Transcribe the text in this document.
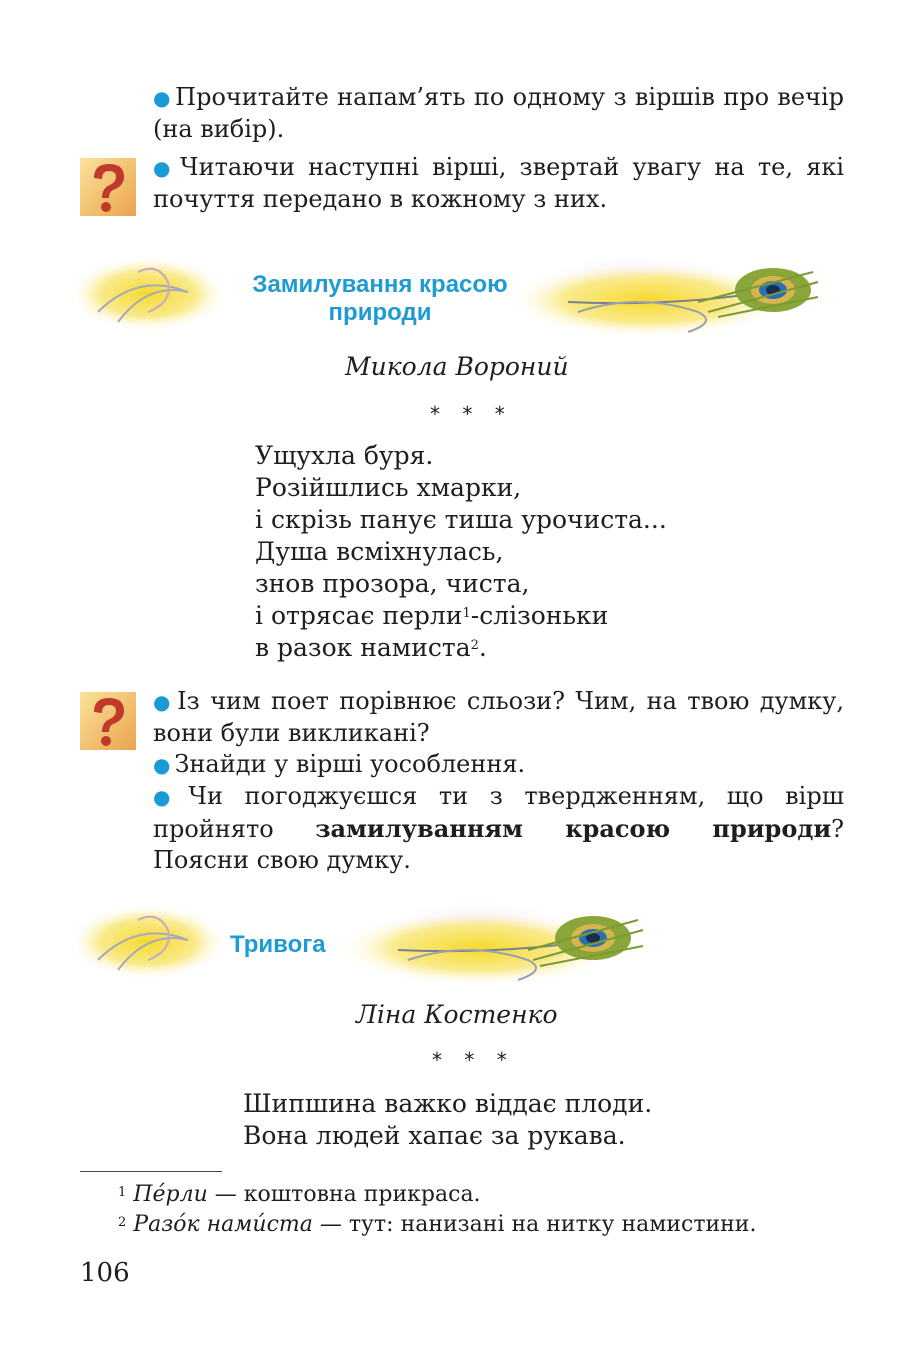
● Прочитайте напам’ять по одному з віршів про вечір (на вибір).
● Читаючи наступні вірші, звертай увагу на те, які почуття передано в кожному з них.
Замилування красою
природи
Микола Вороний
* * *
Ущухла буря.
Розійшлись хмарки,
і скрізь панує тиша урочиста...
Душа всміхнулась,
знов прозора, чиста,
і отрясає перли$^1$-слізоньки
в разок намиста$^2$.
● Із чим поет порівнює сльози? Чим, на твою думку, вони були викликані?
● Знайди у вірші уособлення.
● Чи погоджуєшся ти з твердженням, що вірш пройнято замилуванням красою природи? Поясни свою думку.
Тривога
Ліна Костенко
* * *
Шипшина важко віддає плоди.
Вона людей хапає за рукава.
$^1$ Пе́рли — коштовна прикраса.
$^2$ Разо́к нами́ста — тут: нанизані на нитку намистини.
106
